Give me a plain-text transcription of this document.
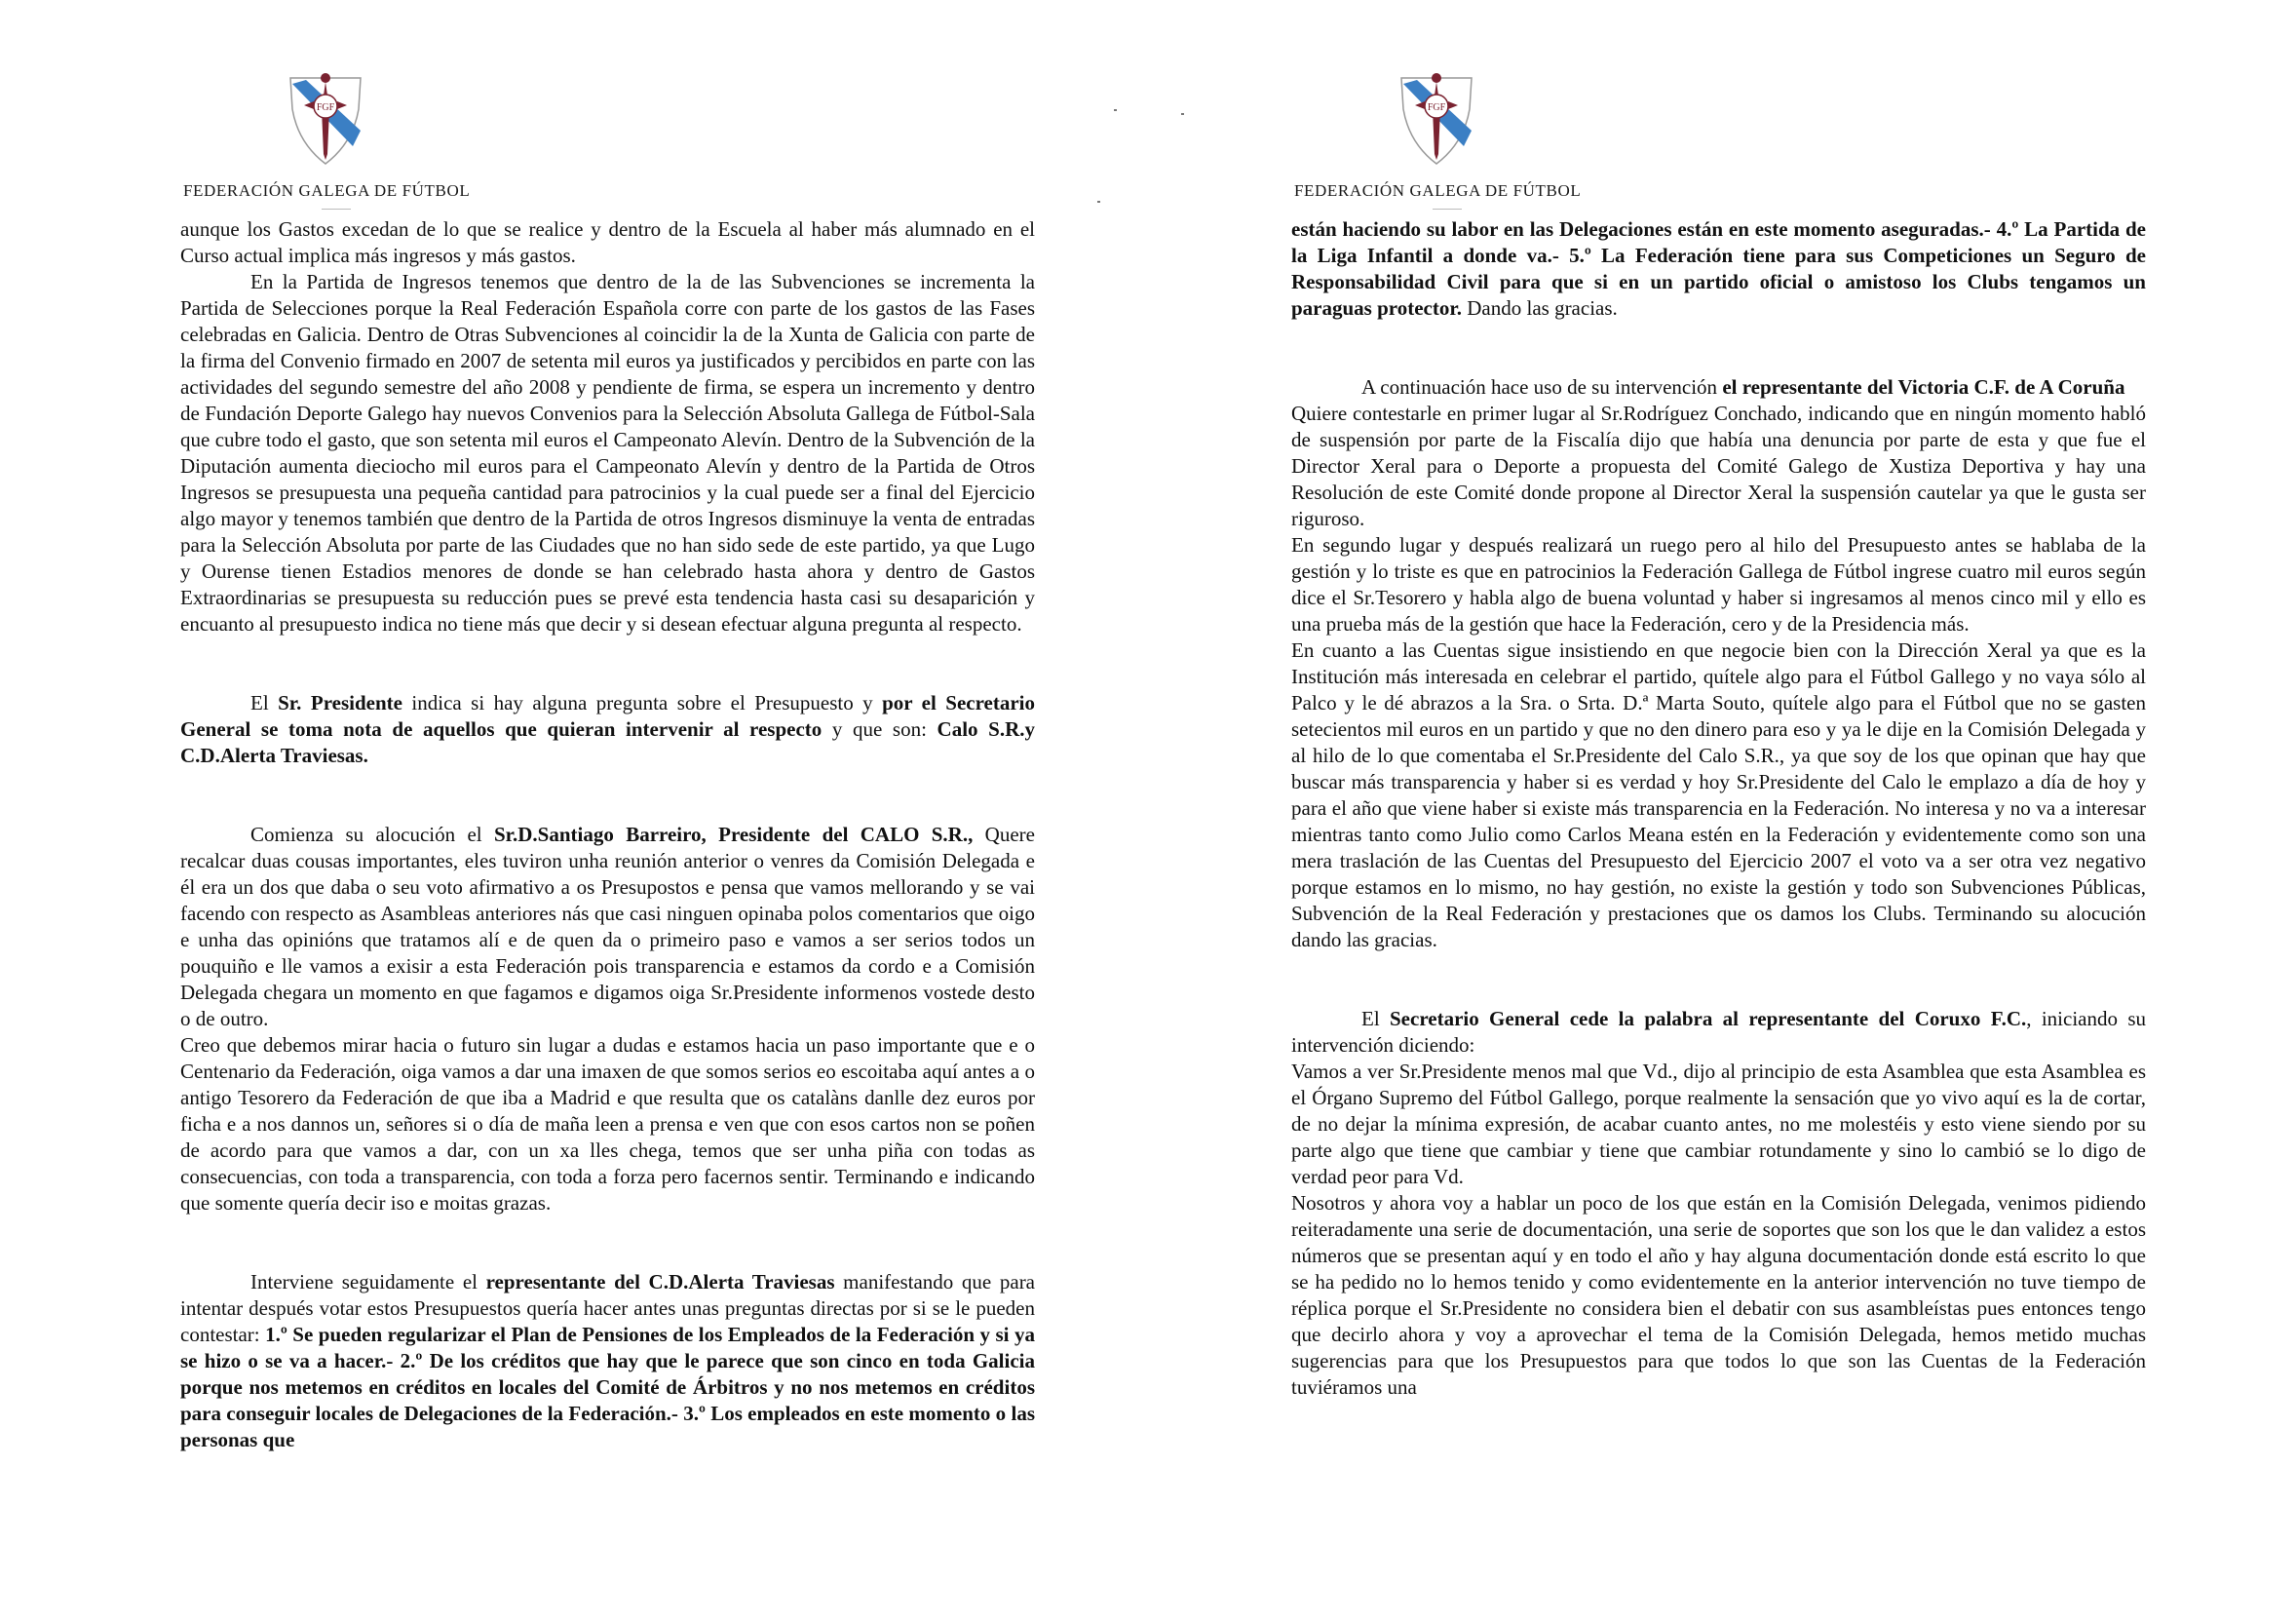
FGF
FEDERACIÓN GALEGA DE FÚTBOL

aunque los Gastos excedan de lo que se realice y dentro de la Escuela al haber más alumnado en el Curso actual implica más ingresos y más gastos.

En la Partida de Ingresos tenemos que dentro de la de las Subvenciones se incrementa la Partida de Selecciones porque la Real Federación Española corre con parte de los gastos de las Fases celebradas en Galicia. Dentro de Otras Subvenciones al coincidir la de la Xunta de Galicia con parte de la firma del Convenio firmado en 2007 de setenta mil euros ya justificados y percibidos en parte con las actividades del segundo semestre del año 2008 y pendiente de firma, se espera un incremento y dentro de Fundación Deporte Galego hay nuevos Convenios para la Selección Absoluta Gallega de Fútbol-Sala que cubre todo el gasto, que son setenta mil euros el Campeonato Alevín. Dentro de la Subvención de la Diputación aumenta dieciocho mil euros para el Campeonato Alevín y dentro de la Partida de Otros Ingresos se presupuesta una pequeña cantidad para patrocinios y la cual puede ser a final del Ejercicio algo mayor y tenemos también que dentro de la Partida de otros Ingresos disminuye la venta de entradas para la Selección Absoluta por parte de las Ciudades que no han sido sede de este partido, ya que Lugo y Ourense tienen Estadios menores de donde se han celebrado hasta ahora y dentro de Gastos Extraordinarias se presupuesta su reducción pues se prevé esta tendencia hasta casi su desaparición y encuanto al presupuesto indica no tiene más que decir y si desean efectuar alguna pregunta al respecto.

El Sr. Presidente indica si hay alguna pregunta sobre el Presupuesto y por el Secretario General se toma nota de aquellos que quieran intervenir al respecto y que son: Calo S.R.y C.D.Alerta Traviesas.

Comienza su alocución el Sr.D.Santiago Barreiro, Presidente del CALO S.R., Quere recalcar duas cousas importantes, eles tuviron unha reunión anterior o venres da Comisión Delegada e él era un dos que daba o seu voto afirmativo a os Presupostos e pensa que vamos mellorando y se vai facendo con respecto as Asambleas anteriores nás que casi ninguen opinaba polos comentarios que oigo e unha das opinións que tratamos alí e de quen da o primeiro paso e vamos a ser serios todos un pouquiño e lle vamos a exisir a esta Federación pois transparencia e estamos da cordo e a Comisión Delegada chegara un momento en que fagamos e digamos oiga Sr.Presidente informenos vostede desto o de outro.

Creo que debemos mirar hacia o futuro sin lugar a dudas e estamos hacia un paso importante que e o Centenario da Federación, oiga vamos a dar una imaxen de que somos serios eo escoitaba aquí antes a o antigo Tesorero da Federación de que iba a Madrid e que resulta que os catalàns danlle dez euros por ficha e a nos dannos un, señores si o día de maña leen a prensa e ven que con esos cartos non se poñen de acordo para que vamos a dar, con un xa lles chega, temos que ser unha piña con todas as consecuencias, con toda a transparencia, con toda a forza pero facernos sentir. Terminando e indicando que somente quería decir iso e moitas grazas.

Interviene seguidamente el representante del C.D.Alerta Traviesas manifestando que para intentar después votar estos Presupuestos quería hacer antes unas preguntas directas por si se le pueden contestar: 1.º Se pueden regularizar el Plan de Pensiones de los Empleados de la Federación y si ya se hizo o se va a hacer.- 2.º De los créditos que hay que le parece que son cinco en toda Galicia porque nos metemos en créditos en locales del Comité de Árbitros y no nos metemos en créditos para conseguir locales de Delegaciones de la Federación.- 3.º Los empleados en este momento o las personas que

FGF
FEDERACIÓN GALEGA DE FÚTBOL

están haciendo su labor en las Delegaciones están en este momento aseguradas.- 4.º La Partida de la Liga Infantil a donde va.- 5.º La Federación tiene para sus Competiciones un Seguro de Responsabilidad Civil para que si en un partido oficial o amistoso los Clubs tengamos un paraguas protector. Dando las gracias.

A continuación hace uso de su intervención el representante del Victoria C.F. de A Coruña

Quiere contestarle en primer lugar al Sr.Rodríguez Conchado, indicando que en ningún momento habló de suspensión por parte de la Fiscalía dijo que había una denuncia por parte de esta y que fue el Director Xeral para o Deporte a propuesta del Comité Galego de Xustiza Deportiva y hay una Resolución de este Comité donde propone al Director Xeral la suspensión cautelar ya que le gusta ser riguroso.

En segundo lugar y después realizará un ruego pero al hilo del Presupuesto antes se hablaba de la gestión y lo triste es que en patrocinios la Federación Gallega de Fútbol ingrese cuatro mil euros según dice el Sr.Tesorero y habla algo de buena voluntad y haber si ingresamos al menos cinco mil y ello es una prueba más de la gestión que hace la Federación, cero y de la Presidencia más.

En cuanto a las Cuentas sigue insistiendo en que negocie bien con la Dirección Xeral ya que es la Institución más interesada en celebrar el partido, quítele algo para el Fútbol Gallego y no vaya sólo al Palco y le dé abrazos a la Sra. o Srta. D.ª Marta Souto, quítele algo para el Fútbol que no se gasten setecientos mil euros en un partido y que no den dinero para eso y ya le dije en la Comisión Delegada y al hilo de lo que comentaba el Sr.Presidente del Calo S.R., ya que soy de los que opinan que hay que buscar más transparencia y haber si es verdad y hoy Sr.Presidente del Calo le emplazo a día de hoy y para el año que viene haber si existe más transparencia en la Federación. No interesa y no va a interesar mientras tanto como Julio como Carlos Meana estén en la Federación y evidentemente como son una mera traslación de las Cuentas del Presupuesto del Ejercicio 2007 el voto va a ser otra vez negativo porque estamos en lo mismo, no hay gestión, no existe la gestión y todo son Subvenciones Públicas, Subvención de la Real Federación y prestaciones que os damos los Clubs. Terminando su alocución dando las gracias.

El Secretario General cede la palabra al representante del Coruxo F.C., iniciando su intervención diciendo:

Vamos a ver Sr.Presidente menos mal que Vd., dijo al principio de esta Asamblea que esta Asamblea es el Órgano Supremo del Fútbol Gallego, porque realmente la sensación que yo vivo aquí es la de cortar, de no dejar la mínima expresión, de acabar cuanto antes, no me molestéis y esto viene siendo por su parte algo que tiene que cambiar y tiene que cambiar rotundamente y sino lo cambió se lo digo de verdad peor para Vd.

Nosotros y ahora voy a hablar un poco de los que están en la Comisión Delegada, venimos pidiendo reiteradamente una serie de documentación, una serie de soportes que son los que le dan validez a estos números que se presentan aquí y en todo el año y hay alguna documentación donde está escrito lo que se ha pedido no lo hemos tenido y como evidentemente en la anterior intervención no tuve tiempo de réplica porque el Sr.Presidente no considera bien el debatir con sus asambleístas pues entonces tengo que decirlo ahora y voy a aprovechar el tema de la Comisión Delegada, hemos metido muchas sugerencias para que los Presupuestos para que todos lo que son las Cuentas de la Federación tuviéramos una
